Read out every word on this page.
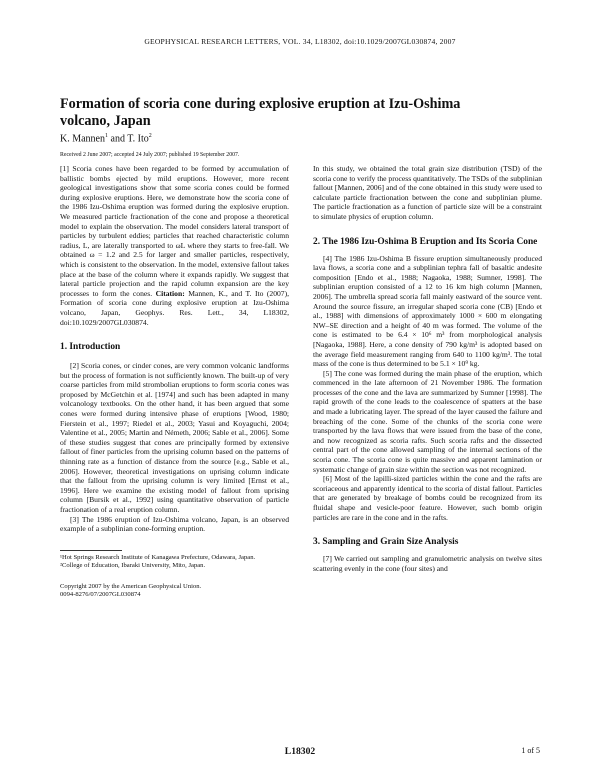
GEOPHYSICAL RESEARCH LETTERS, VOL. 34, L18302, doi:10.1029/2007GL030874, 2007
Formation of scoria cone during explosive eruption at Izu-Oshima volcano, Japan
K. Mannen$^1$ and T. Ito$^2$
Received 2 June 2007; accepted 24 July 2007; published 19 September 2007.

[1] Scoria cones have been regarded to be formed by accumulation of ballistic bombs ejected by mild eruptions. However, more recent geological investigations show that some scoria cones could be formed during explosive eruptions. Here, we demonstrate how the scoria cone of the 1986 Izu-Oshima eruption was formed during the explosive eruption. We measured particle fractionation of the cone and propose a theoretical model to explain the observation. The model considers lateral transport of particles by turbulent eddies; particles that reached characteristic column radius, L, are laterally transported to ωL where they starts to free-fall. We obtained ω = 1.2 and 2.5 for larger and smaller particles, respectively, which is consistent to the observation. In the model, extensive fallout takes place at the base of the column where it expands rapidly. We suggest that lateral particle projection and the rapid column expansion are the key processes to form the cones. Citation: Mannen, K., and T. Ito (2007), Formation of scoria cone during explosive eruption at Izu-Oshima volcano, Japan, Geophys. Res. Lett., 34, L18302, doi:10.1029/2007GL030874.

1. Introduction

[2] Scoria cones, or cinder cones, are very common volcanic landforms but the process of formation is not sufficiently known. The built-up of very coarse particles from mild strombolian eruptions to form scoria cones was proposed by McGetchin et al. [1974] and such has been adapted in many volcanology textbooks. On the other hand, it has been argued that some cones were formed during intensive phase of eruptions [Wood, 1980; Fierstein et al., 1997; Riedel et al., 2003; Yasui and Koyaguchi, 2004; Valentine et al., 2005; Martin and Németh, 2006; Sable et al., 2006]. Some of these studies suggest that cones are principally formed by extensive fallout of finer particles from the uprising column based on the patterns of thinning rate as a function of distance from the source [e.g., Sable et al., 2006]. However, theoretical investigations on uprising column indicate that the fallout from the uprising column is very limited [Ernst et al., 1996]. Here we examine the existing model of fallout from uprising column [Bursik et al., 1992] using quantitative observation of particle fractionation of a real eruption column.

[3] The 1986 eruption of Izu-Oshima volcano, Japan, is an observed example of a subplinian cone-forming eruption.

¹Hot Springs Research Institute of Kanagawa Prefecture, Odawara, Japan.

²College of Education, Ibaraki University, Mito, Japan.

Copyright 2007 by the American Geophysical Union.

0094-8276/07/2007GL030874

In this study, we obtained the total grain size distribution (TSD) of the scoria cone to verify the process quantitatively. The TSDs of the subplinian fallout [Mannen, 2006] and of the cone obtained in this study were used to calculate particle fractionation between the cone and subplinian plume. The particle fractionation as a function of particle size will be a constraint to simulate physics of eruption column.

2. The 1986 Izu-Oshima B Eruption and Its Scoria Cone

[4] The 1986 Izu-Oshima B fissure eruption simultaneously produced lava flows, a scoria cone and a subplinian tephra fall of basaltic andesite composition [Endo et al., 1988; Nagaoka, 1988; Sumner, 1998]. The subplinian eruption consisted of a 12 to 16 km high column [Mannen, 2006]. The umbrella spread scoria fall mainly eastward of the source vent. Around the source fissure, an irregular shaped scoria cone (CB) [Endo et al., 1988] with dimensions of approximately 1000 × 600 m elongating NW–SE direction and a height of 40 m was formed. The volume of the cone is estimated to be 6.4 × 10⁶ m³ from morphological analysis [Nagaoka, 1988]. Here, a cone density of 790 kg/m³ is adopted based on the average field measurement ranging from 640 to 1100 kg/m³. The total mass of the cone is thus determined to be 5.1 × 10⁹ kg.

[5] The cone was formed during the main phase of the eruption, which commenced in the late afternoon of 21 November 1986. The formation processes of the cone and the lava are summarized by Sumner [1998]. The rapid growth of the cone leads to the coalescence of spatters at the base and made a lubricating layer. The spread of the layer caused the failure and breaching of the cone. Some of the chunks of the scoria cone were transported by the lava flows that were issued from the base of the cone, and now recognized as scoria rafts. Such scoria rafts and the dissected central part of the cone allowed sampling of the internal sections of the scoria cone. The scoria cone is quite massive and apparent lamination or systematic change of grain size within the section was not recognized.

[6] Most of the lapilli-sized particles within the cone and the rafts are scoriaceous and apparently identical to the scoria of distal fallout. Particles that are generated by breakage of bombs could be recognized from its fluidal shape and vesicle-poor feature. However, such bomb origin particles are rare in the cone and in the rafts.

3. Sampling and Grain Size Analysis

[7] We carried out sampling and granulometric analysis on twelve sites scattering evenly in the cone (four sites) and

L18302	1 of 5
